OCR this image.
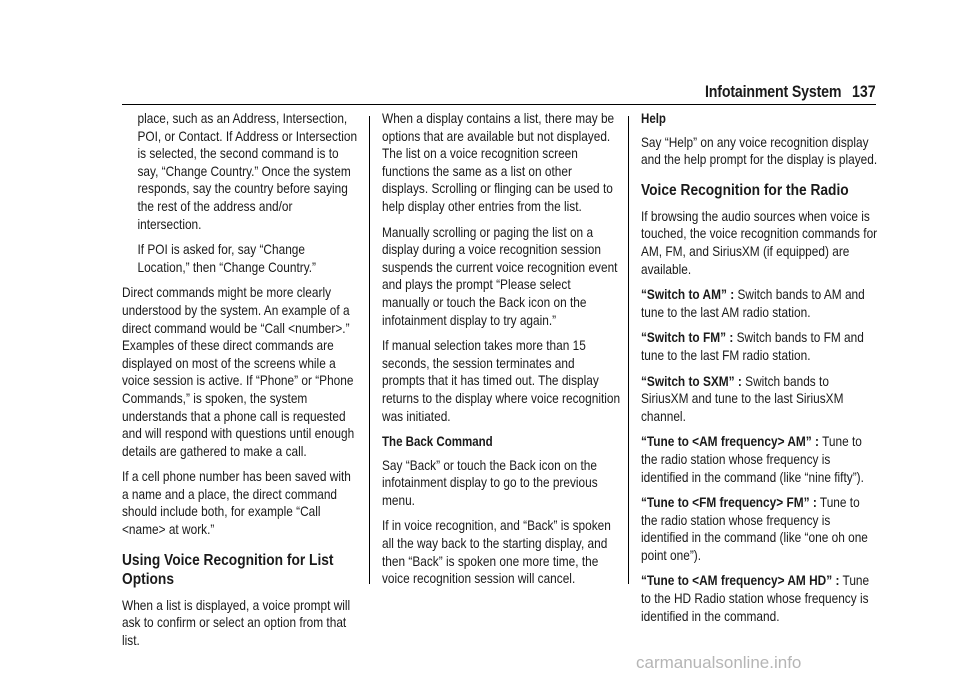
Infotainment System 137

place, such as an Address, Intersection, POI, or Contact. If Address or Intersection is selected, the second command is to say, “Change Country.” Once the system responds, say the country before saying the rest of the address and/or intersection.

If POI is asked for, say “Change Location,” then “Change Country.”

Direct commands might be more clearly understood by the system. An example of a direct command would be “Call <number>.” Examples of these direct commands are displayed on most of the screens while a voice session is active. If “Phone” or “Phone Commands,” is spoken, the system understands that a phone call is requested and will respond with questions until enough details are gathered to make a call.

If a cell phone number has been saved with a name and a place, the direct command should include both, for example “Call <name> at work.”

Using Voice Recognition for List Options

When a list is displayed, a voice prompt will ask to confirm or select an option from that list.

When a display contains a list, there may be options that are available but not displayed. The list on a voice recognition screen functions the same as a list on other displays. Scrolling or flinging can be used to help display other entries from the list.

Manually scrolling or paging the list on a display during a voice recognition session suspends the current voice recognition event and plays the prompt “Please select manually or touch the Back icon on the infotainment display to try again.”

If manual selection takes more than 15 seconds, the session terminates and prompts that it has timed out. The display returns to the display where voice recognition was initiated.

The Back Command

Say “Back” or touch the Back icon on the infotainment display to go to the previous menu.

If in voice recognition, and “Back” is spoken all the way back to the starting display, and then “Back” is spoken one more time, the voice recognition session will cancel.

Help

Say “Help” on any voice recognition display and the help prompt for the display is played.

Voice Recognition for the Radio

If browsing the audio sources when voice is touched, the voice recognition commands for AM, FM, and SiriusXM (if equipped) are available.

“Switch to AM” : Switch bands to AM and tune to the last AM radio station.

“Switch to FM” : Switch bands to FM and tune to the last FM radio station.

“Switch to SXM” : Switch bands to SiriusXM and tune to the last SiriusXM channel.

“Tune to <AM frequency> AM” : Tune to the radio station whose frequency is identified in the command (like “nine fifty”).

“Tune to <FM frequency> FM” : Tune to the radio station whose frequency is identified in the command (like “one oh one point one”).

“Tune to <AM frequency> AM HD” : Tune to the HD Radio station whose frequency is identified in the command.

carmanualsonline.info
